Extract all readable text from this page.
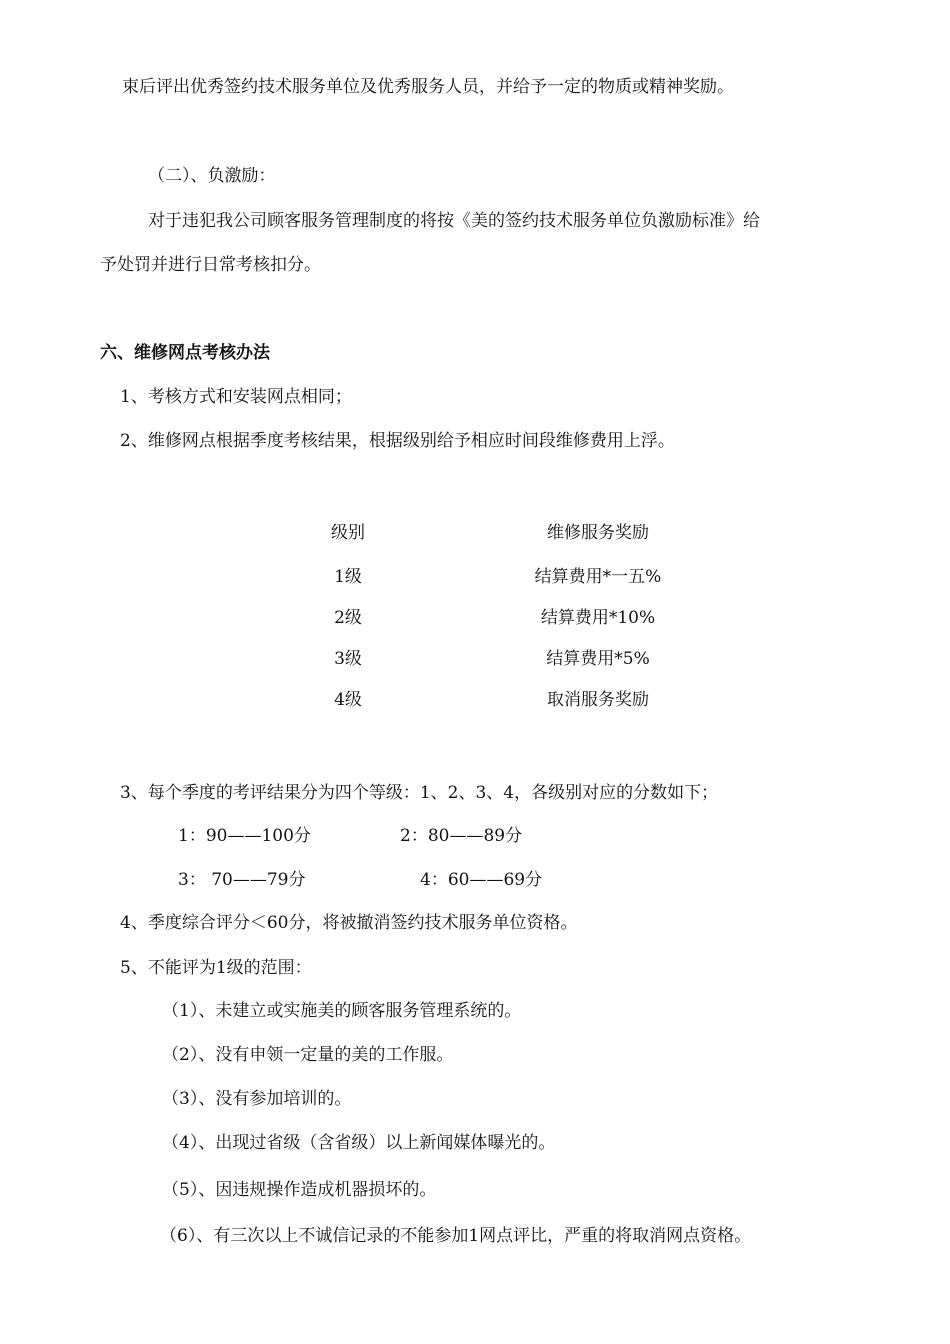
束后评出优秀签约技术服务单位及优秀服务人员，并给予一定的物质或精神奖励。
（二）、负激励：
对于违犯我公司顾客服务管理制度的将按《美的签约技术服务单位负激励标准》给
予处罚并进行日常考核扣分。
六、维修网点考核办法
1、考核方式和安装网点相同；
2、维修网点根据季度考核结果，根据级别给予相应时间段维修费用上浮。
级别	维修服务奖励
1级	结算费用*一五%
2级	结算费用*10%
3级	结算费用*5%
4级	取消服务奖励
3、每个季度的考评结果分为四个等级：1、2、3、4，各级别对应的分数如下；
1：90——100分	2：80——89分
3： 70——79分	4：60——69分
4、季度综合评分＜60分，将被撤消签约技术服务单位资格。
5、不能评为1级的范围：
（1）、未建立或实施美的顾客服务管理系统的。
（2）、没有申领一定量的美的工作服。
（3）、没有参加培训的。
（4）、出现过省级（含省级）以上新闻媒体曝光的。
（5）、因违规操作造成机器损坏的。
（6）、有三次以上不诚信记录的不能参加1网点评比，严重的将取消网点资格。
